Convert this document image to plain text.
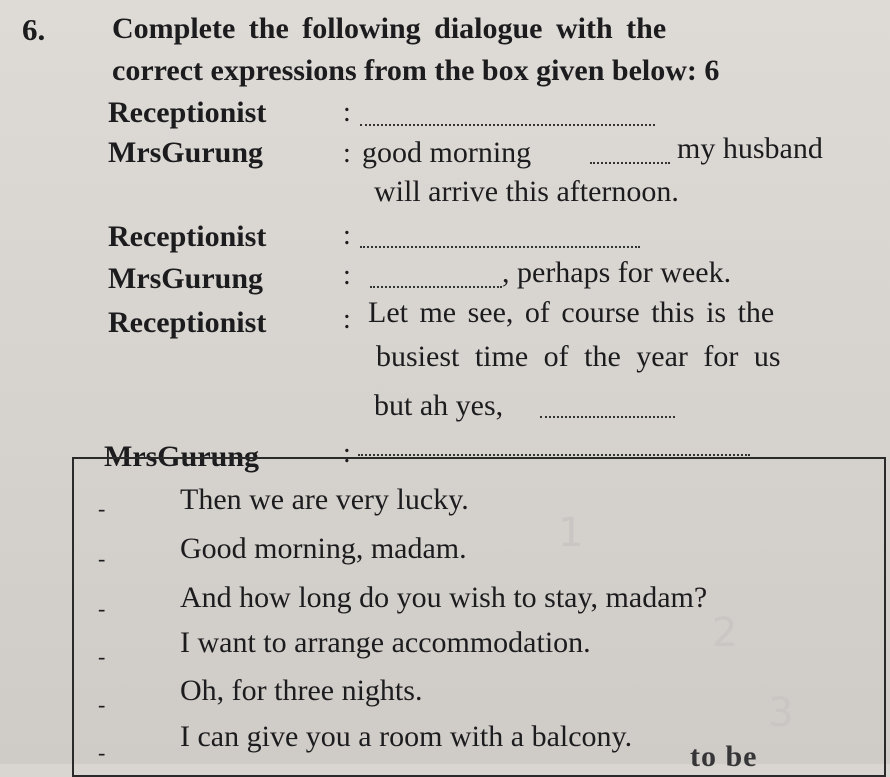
6. Complete the following dialogue with the
correct expressions from the box given below: 6
Receptionist	:
MrsGurung	: good morning	my husband
will arrive this afternoon.
Receptionist	:
MrsGurung	:	, perhaps for week.
Receptionist	: Let me see, of course this is the
busiest time of the year for us
but ah yes,
MrsGurung	:
- Then we are very lucky.
- Good morning, madam.
- And how long do you wish to stay, madam?
- I want to arrange accommodation.
- Oh, for three nights.
- I can give you a room with a balcony.
1
2
3
to be
